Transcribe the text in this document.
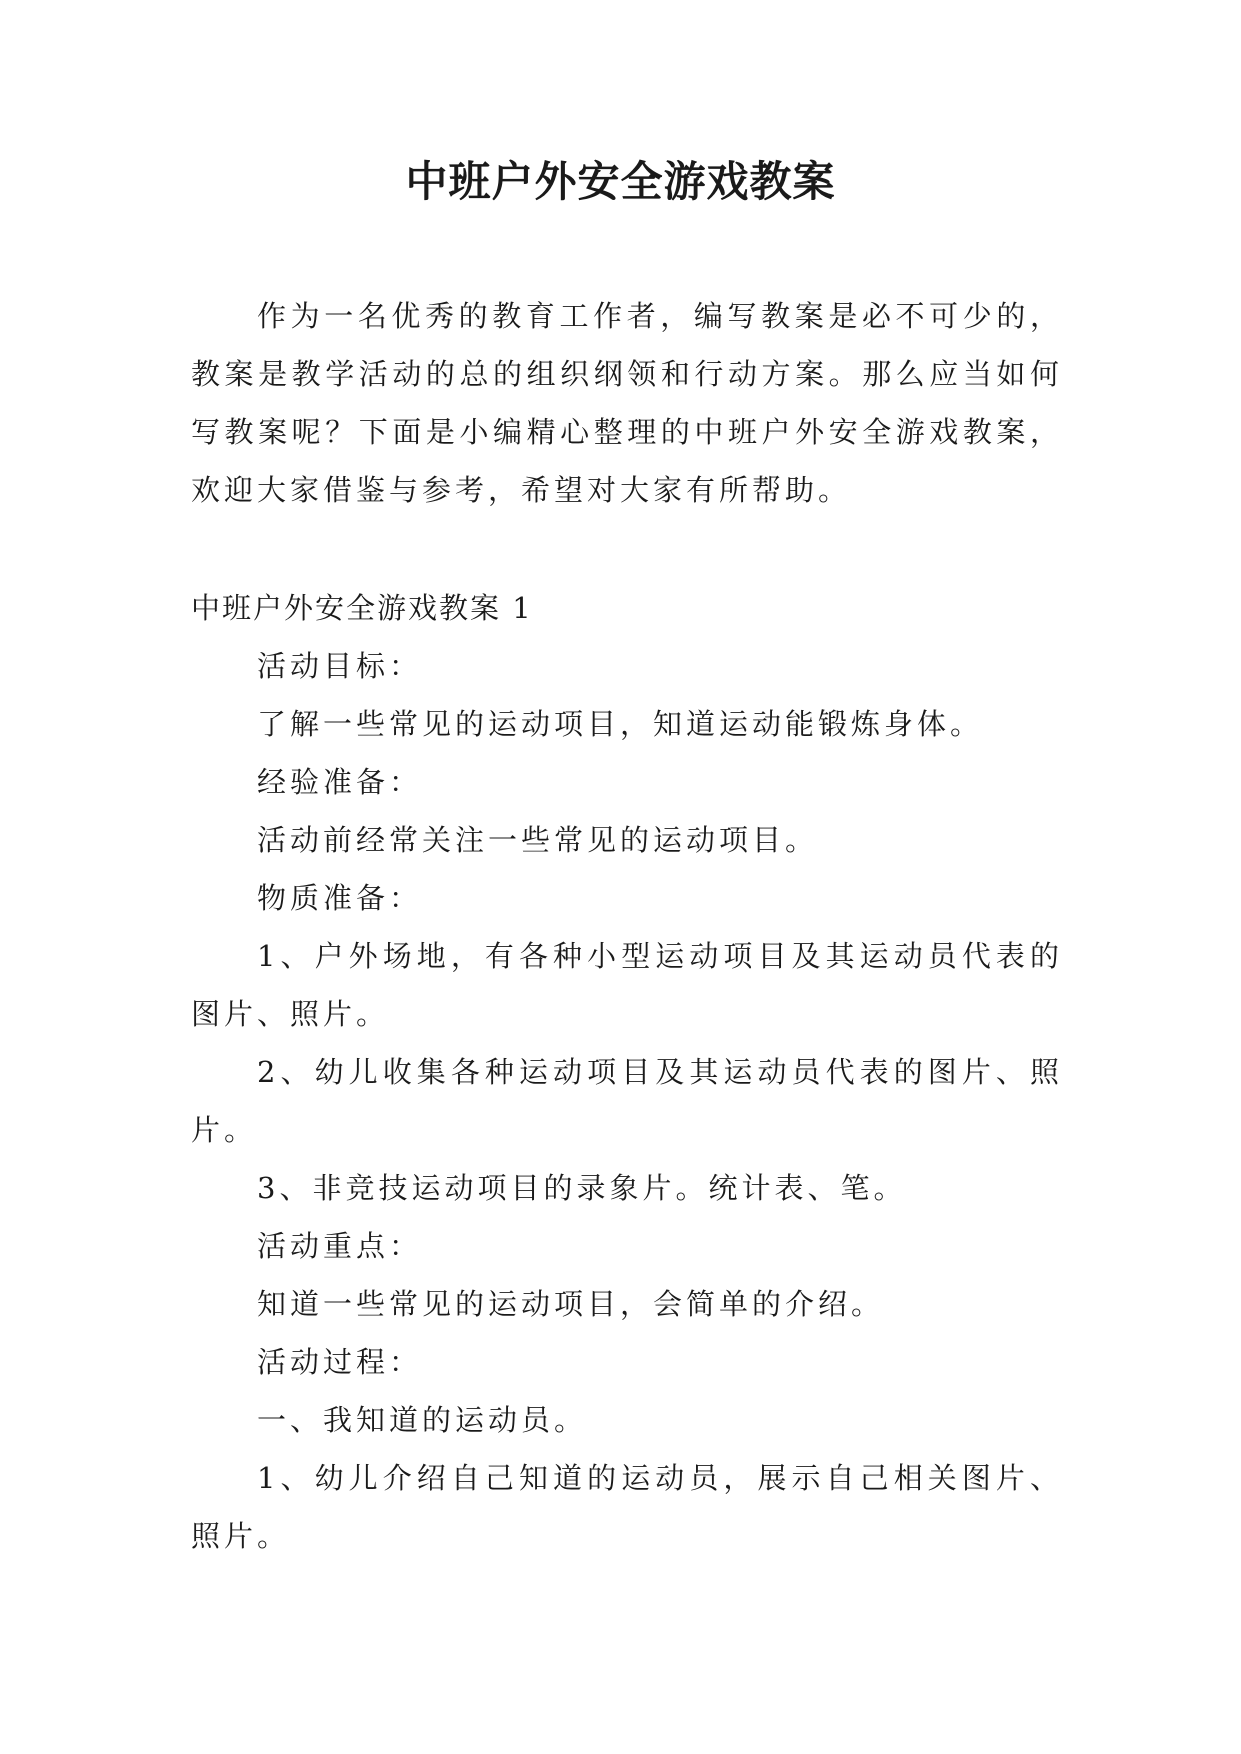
中班户外安全游戏教案

作为一名优秀的教育工作者，编写教案是必不可少的，教案是教学活动的总的组织纲领和行动方案。那么应当如何写教案呢？下面是小编精心整理的中班户外安全游戏教案，欢迎大家借鉴与参考，希望对大家有所帮助。

中班户外安全游戏教案 1

活动目标：

了解一些常见的运动项目，知道运动能锻炼身体。

经验准备：

活动前经常关注一些常见的运动项目。

物质准备：

1、户外场地，有各种小型运动项目及其运动员代表的图片、照片。

2、幼儿收集各种运动项目及其运动员代表的图片、照片。

3、非竞技运动项目的录象片。统计表、笔。

活动重点：

知道一些常见的运动项目，会简单的介绍。

活动过程：

一、我知道的运动员。

1、幼儿介绍自己知道的运动员，展示自己相关图片、照片。
